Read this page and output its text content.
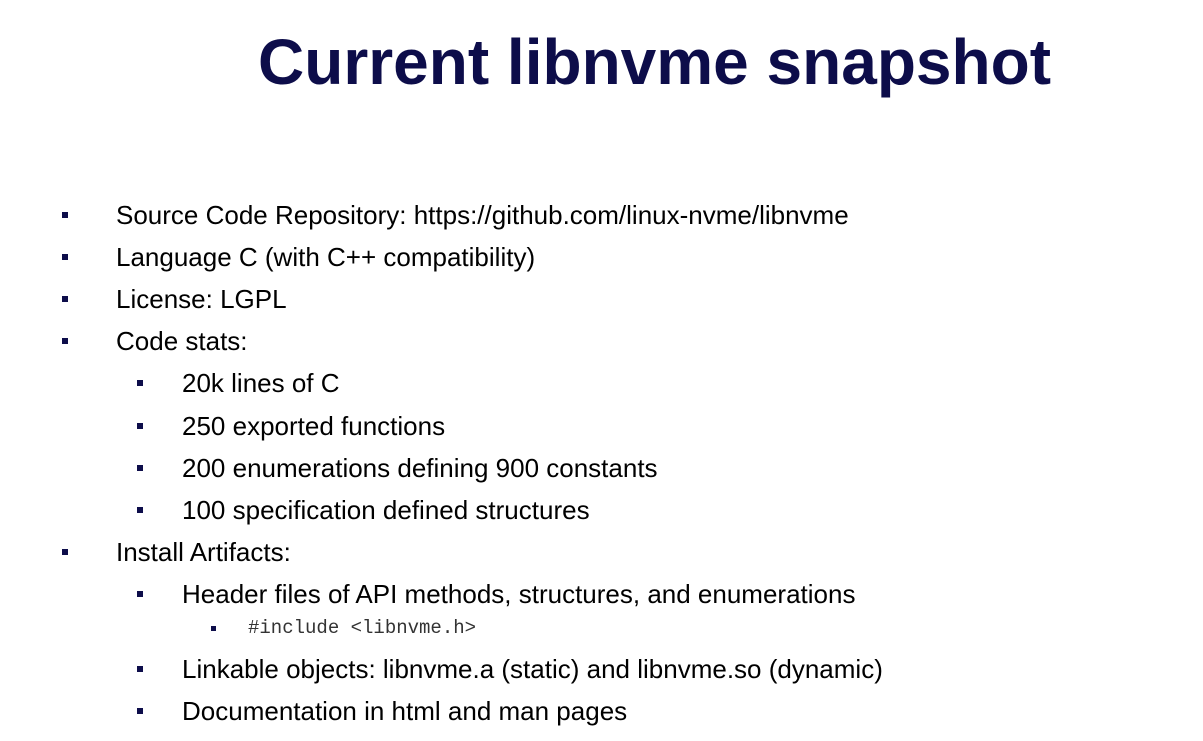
Current libnvme snapshot
Source Code Repository: https://github.com/linux-nvme/libnvme
Language C (with C++ compatibility)
License: LGPL
Code stats:
20k lines of C
250 exported functions
200 enumerations defining 900 constants
100 specification defined structures
Install Artifacts:
Header files of API methods, structures, and enumerations
#include <libnvme.h>
Linkable objects: libnvme.a (static) and libnvme.so (dynamic)
Documentation in html and man pages
